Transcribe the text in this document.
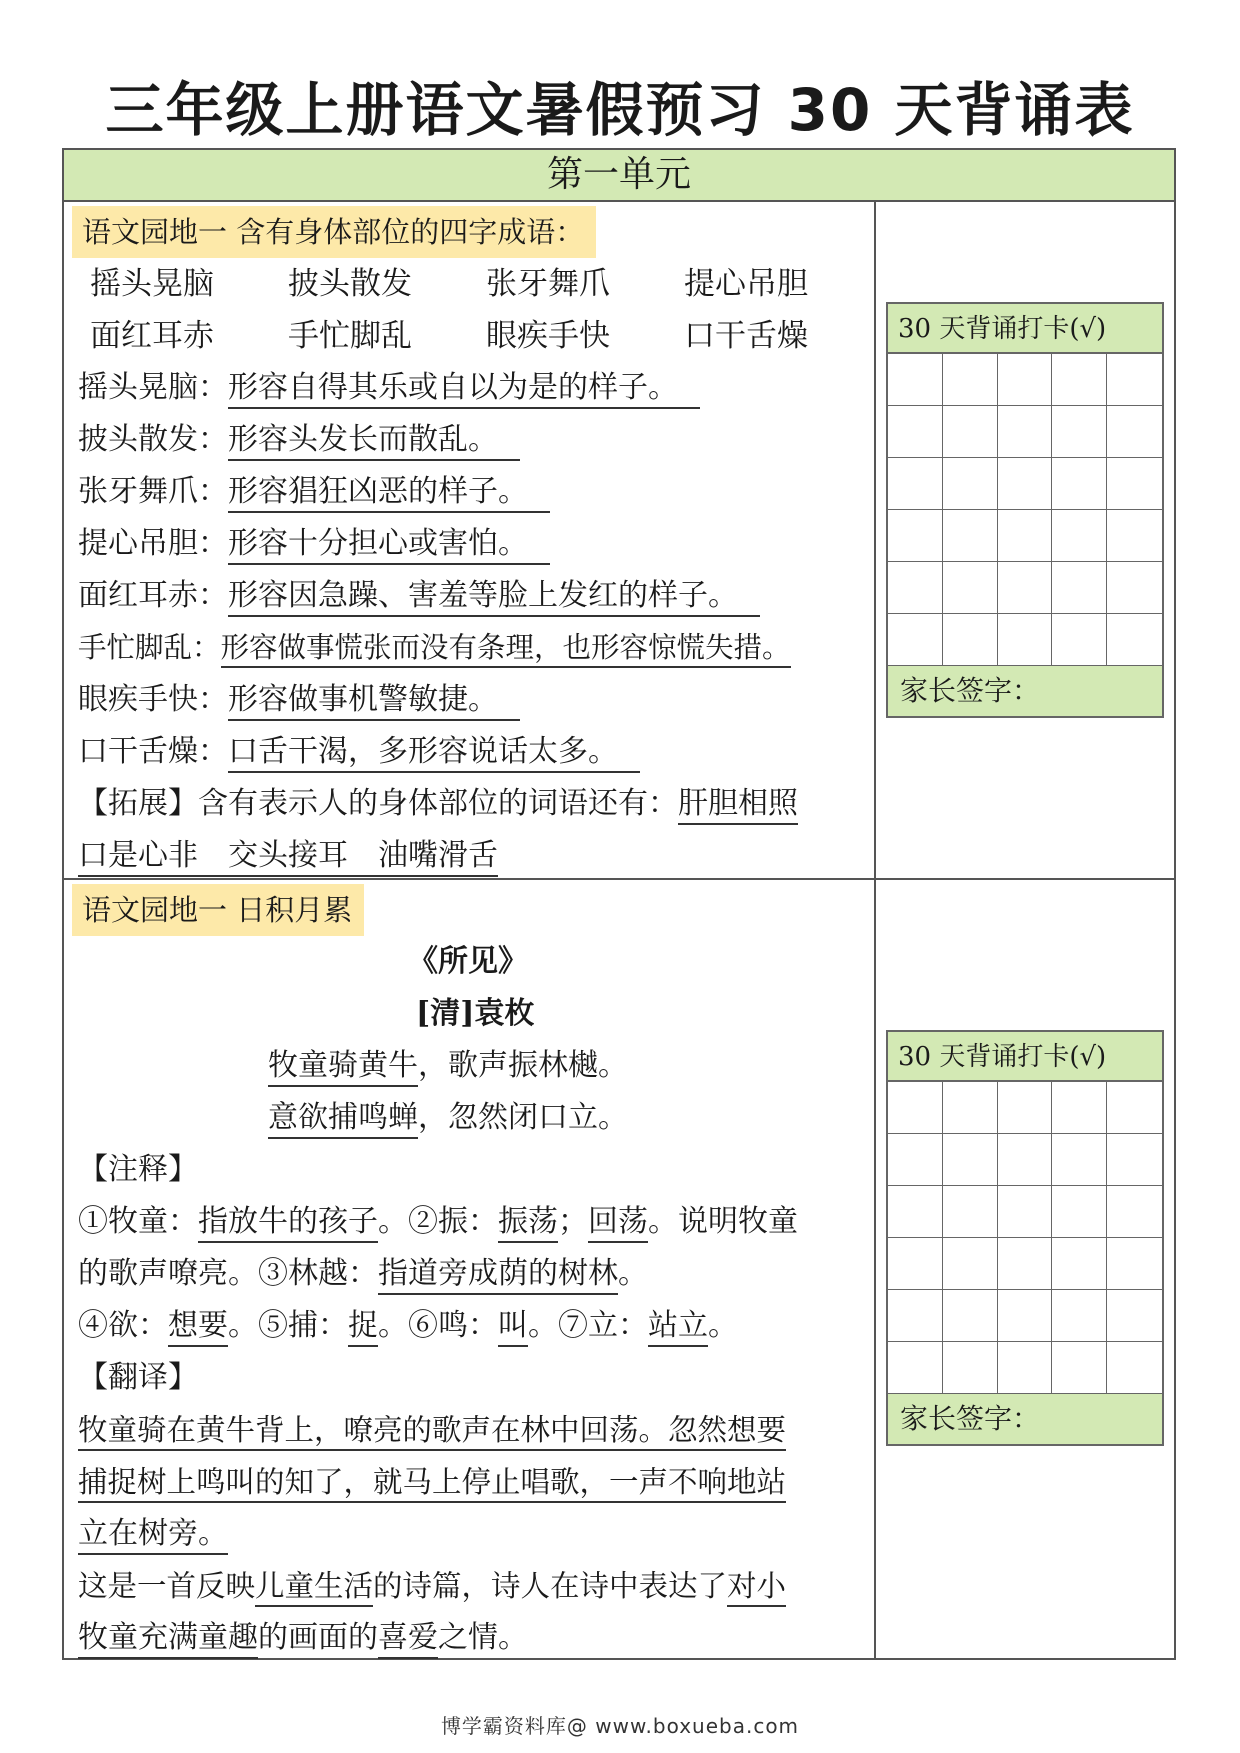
三年级上册语文暑假预习 30 天背诵表
第一单元
语文园地一 含有身体部位的四字成语：
摇头晃脑	披头散发	张牙舞爪	提心吊胆
面红耳赤	手忙脚乱	眼疾手快	口干舌燥
摇头晃脑：形容自得其乐或自以为是的样子。
披头散发：形容头发长而散乱。
张牙舞爪：形容猖狂凶恶的样子。
提心吊胆：形容十分担心或害怕。
面红耳赤：形容因急躁、害羞等脸上发红的样子。
手忙脚乱：形容做事慌张而没有条理，也形容惊慌失措。
眼疾手快：形容做事机警敏捷。
口干舌燥：口舌干渴，多形容说话太多。
【拓展】含有表示人的身体部位的词语还有：肝胆相照
口是心非　 交头接耳　 油嘴滑舌
30 天背诵打卡(√)
家长签字：
语文园地一 日积月累
《所见》
[清]袁枚
牧童骑黄牛，歌声振林樾。
意欲捕鸣蝉，忽然闭口立。
【注释】
①牧童：指放牛的孩子。②振：振荡；回荡。说明牧童
的歌声嘹亮。③林越：指道旁成荫的树林。
④欲：想要。⑤捕：捉。⑥鸣：叫。⑦立：站立。
【翻译】
牧童骑在黄牛背上，嘹亮的歌声在林中回荡。忽然想要
捕捉树上鸣叫的知了，就马上停止唱歌，一声不响地站
立在树旁。
这是一首反映儿童生活的诗篇，诗人在诗中表达了对小
牧童充满童趣的画面的喜爱之情。
30 天背诵打卡(√)
家长签字：
博学霸资料库@ www.boxueba.com
